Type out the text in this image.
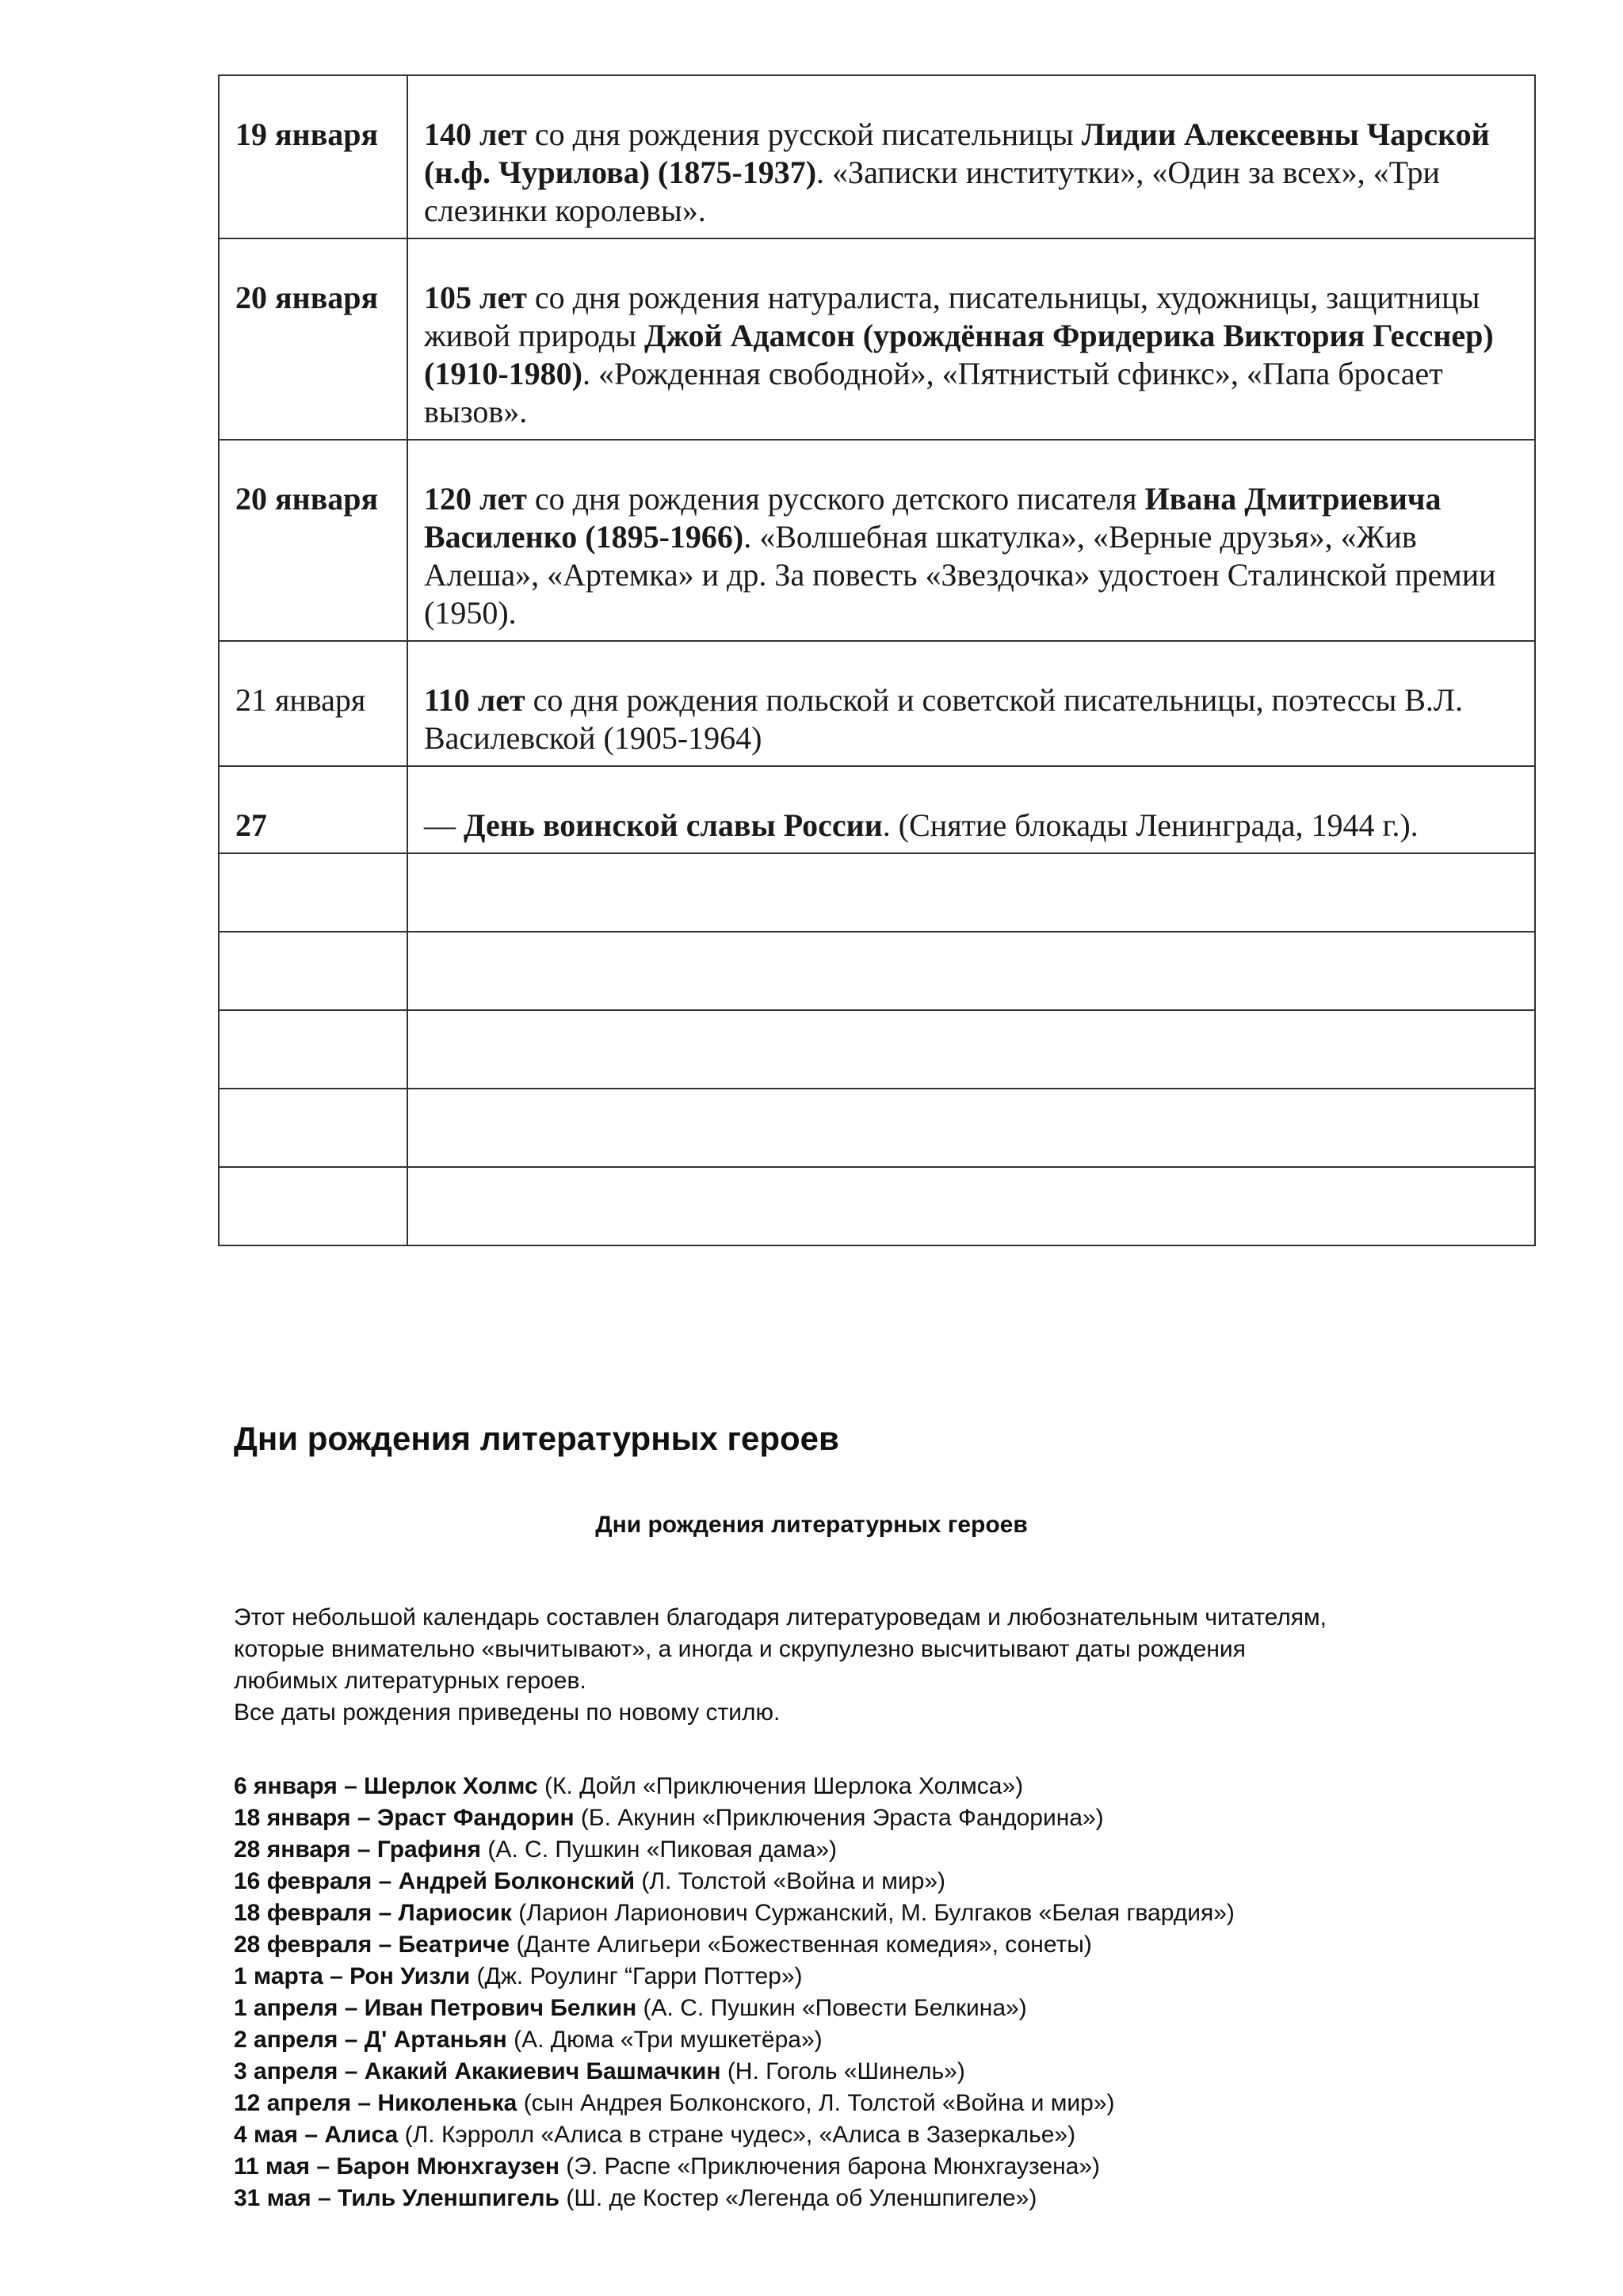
19 января	140 лет со дня рождения русской писательницы Лидии Алексеевны Чарской (н.ф. Чурилова) (1875-1937). «Записки институтки», «Один за всех», «Три слезинки королевы».
20 января	105 лет со дня рождения натуралиста, писательницы, художницы, защитницы живой природы Джой Адамсон (урождённая Фридерика Виктория Гесснер) (1910-1980). «Рожденная свободной», «Пятнистый сфинкс», «Папа бросает вызов».
20 января	120 лет со дня рождения русского детского писателя Ивана Дмитриевича Василенко (1895-1966). «Волшебная шкатулка», «Верные друзья», «Жив Алеша», «Артемка» и др. За повесть «Звездочка» удостоен Сталинской премии (1950).
21 января	110 лет со дня рождения польской и советской писательницы, поэтессы В.Л. Василевской (1905-1964)
27	— День воинской славы России. (Снятие блокады Ленинграда, 1944 г.).

Дни рождения литературных героев
Дни рождения литературных героев
Этот небольшой календарь составлен благодаря литературоведам и любознательным читателям,
которые внимательно «вычитывают», а иногда и скрупулезно высчитывают даты рождения
любимых литературных героев.
Все даты рождения приведены по новому стилю.
6 января – Шерлок Холмс (К. Дойл «Приключения Шерлока Холмса»)
18 января – Эраст Фандорин (Б. Акунин «Приключения Эраста Фандорина»)
28 января – Графиня (А. С. Пушкин «Пиковая дама»)
16 февраля – Андрей Болконский (Л. Толстой «Война и мир»)
18 февраля – Лариосик (Ларион Ларионович Суржанский, М. Булгаков «Белая гвардия»)
28 февраля – Беатриче (Данте Алигьери «Божественная комедия», сонеты)
1 марта – Рон Уизли (Дж. Роулинг “Гарри Поттер»)
1 апреля – Иван Петрович Белкин (А. С. Пушкин «Повести Белкина»)
2 апреля – Д' Артаньян (А. Дюма «Три мушкетёра»)
3 апреля – Акакий Акакиевич Башмачкин (Н. Гоголь «Шинель»)
12 апреля – Николенька (сын Андрея Болконского, Л. Толстой «Война и мир»)
4 мая – Алиса (Л. Кэрролл «Алиса в стране чудес», «Алиса в Зазеркалье»)
11 мая – Барон Мюнхгаузен (Э. Распе «Приключения барона Мюнхгаузена»)
31 мая – Тиль Уленшпигель (Ш. де Костер «Легенда об Уленшпигеле»)
